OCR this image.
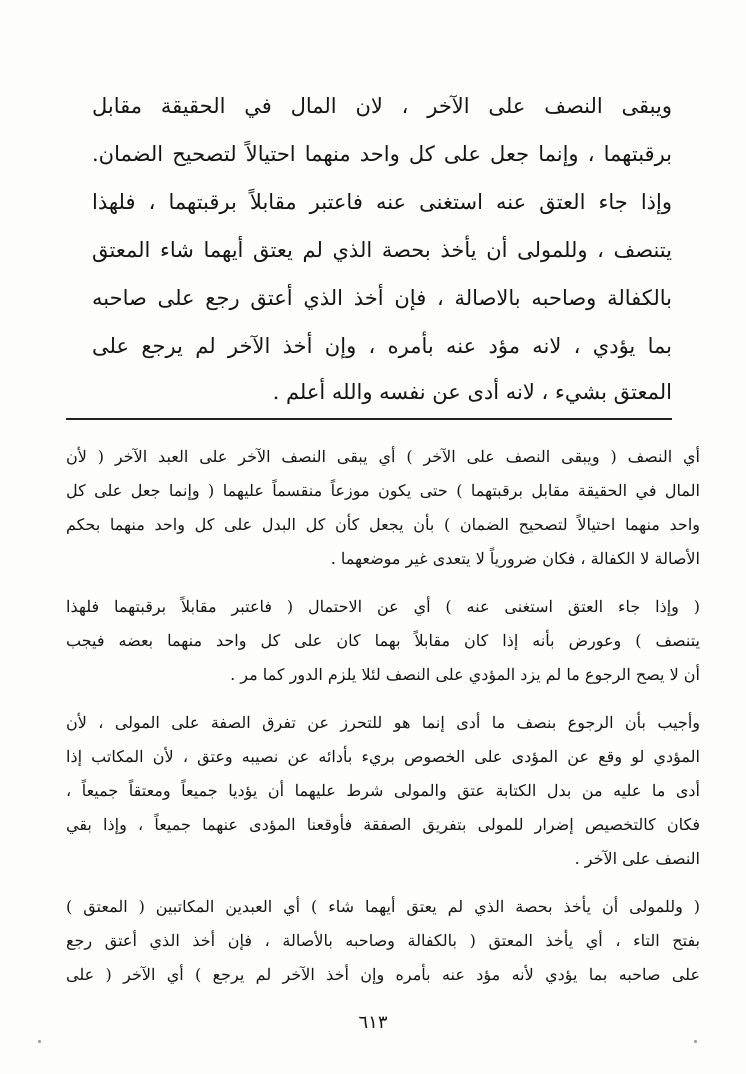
ويبقى النصف على الآخر ، لان المال في الحقيقة مقابل
برقبتهما ، وإنما جعل على كل واحد منهما احتيالاً لتصحيح الضمان.
وإذا جاء العتق عنه استغنى عنه فاعتبر مقابلاً برقبتهما ، فلهذا
يتنصف ، وللمولى أن يأخذ بحصة الذي لم يعتق أيهما شاء المعتق
بالكفالة وصاحبه بالاصالة ، فإن أخذ الذي أعتق رجع على صاحبه
بما يؤدي ، لانه مؤد عنه بأمره ، وإن أخذ الآخر لم يرجع على
المعتق بشيء ، لانه أدى عن نفسه والله أعلم .
أي النصف ( ويبقى النصف على الآخر ) أي يبقى النصف الآخر على العبد الآخر ( لأن
المال في الحقيقة مقابل برقبتهما ) حتى يكون موزعاً منقسماً عليهما ( وإنما جعل على كل
واحد منهما احتيالاً لتصحيح الضمان ) بأن يجعل كأن كل البدل على كل واحد منهما بحكم
الأصالة لا الكفالة ، فكان ضرورياً لا يتعدى غير موضعهما .
( وإذا جاء العتق استغنى عنه ) أي عن الاحتمال ( فاعتبر مقابلاً برقبتهما فلهذا
يتنصف ) وعورض بأنه إذا كان مقابلاً بهما كان على كل واحد منهما بعضه فيجب
أن لا يصح الرجوع ما لم يزد المؤدي على النصف لئلا يلزم الدور كما مر .
وأجيب بأن الرجوع بنصف ما أدى إنما هو للتحرز عن تفرق الصفة على المولى ، لأن
المؤدي لو وقع عن المؤدى على الخصوص بريء بأدائه عن نصيبه وعتق ، لأن المكاتب إذا
أدى ما عليه من بدل الكتابة عتق والمولى شرط عليهما أن يؤديا جميعاً ومعتقاً جميعاً ،
فكان كالتخصيص إضرار للمولى بتفريق الصفقة فأوقعنا المؤدى عنهما جميعاً ، وإذا بقي
النصف على الآخر .
( وللمولى أن يأخذ بحصة الذي لم يعتق أيهما شاء ) أي العبدين المكاتبين ( المعتق )
بفتح التاء ، أي يأخذ المعتق ( بالكفالة وصاحبه بالأصالة ، فإن أخذ الذي أعتق رجع
على صاحبه بما يؤدي لأنه مؤد عنه بأمره وإن أخذ الآخر لم يرجع ) أي الآخر ( على
٦١٣
